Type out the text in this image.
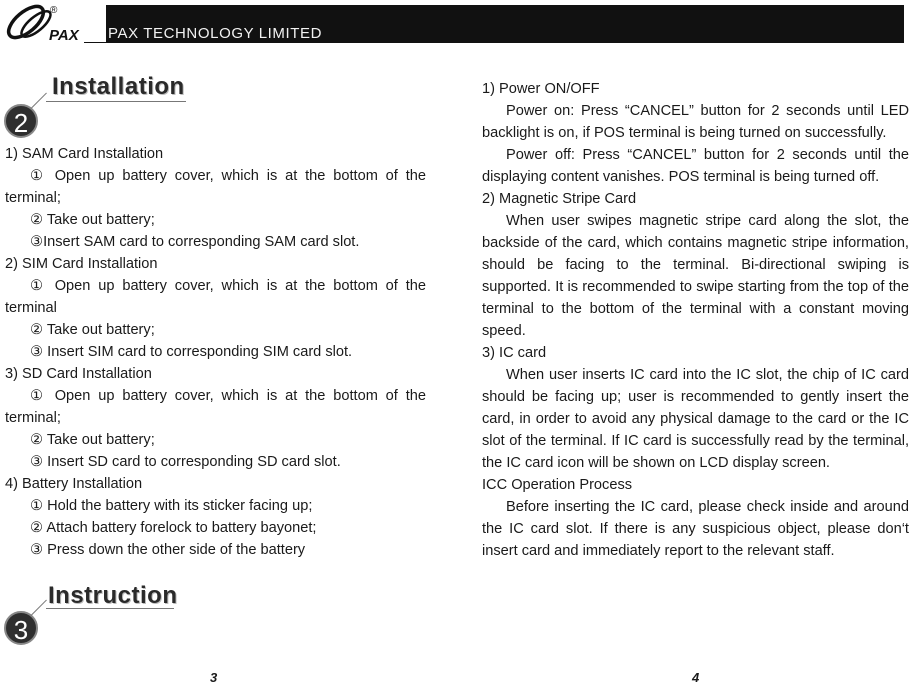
PAX TECHNOLOGY LIMITED
PAX
®
2
Installation

1) SAM Card Installation

① Open up battery cover, which is at the bottom of the terminal;

② Take out battery;

③Insert SAM card to corresponding SAM card slot.

2) SIM Card Installation

① Open up battery cover, which is at the bottom of the terminal

② Take out battery;

③ Insert SIM card to corresponding SIM card slot.

3) SD Card Installation

① Open up battery cover, which is at the bottom of the terminal;

② Take out battery;

③ Insert SD card to corresponding SD card slot.

4) Battery Installation

① Hold the battery with its sticker facing up;

② Attach battery forelock to battery bayonet;

③ Press down the other side of the battery

3
Instruction
3

1) Power ON/OFF

Power on: Press “CANCEL” button for 2 seconds until LED backlight is on, if POS terminal is being turned on successfully.

Power off: Press “CANCEL” button for 2 seconds until the displaying content vanishes. POS terminal is being turned off.

2) Magnetic Stripe Card

When user swipes magnetic stripe card along the slot, the backside of the card, which contains magnetic stripe information, should be facing to the terminal. Bi-directional swiping is supported. It is recommended to swipe starting from the top of the terminal to the bottom of the terminal with a constant moving speed.

3) IC card

When user inserts IC card into the IC slot, the chip of IC card should be facing up; user is recommended to gently insert the card, in order to avoid any physical damage to the card or the IC slot of the terminal. If IC card is successfully read by the terminal, the IC card icon will be shown on LCD display screen.

ICC Operation Process

Before inserting the IC card, please check inside and around the IC card slot. If there is any suspicious object, please don‘t insert card and immediately report to the relevant staff.

4
